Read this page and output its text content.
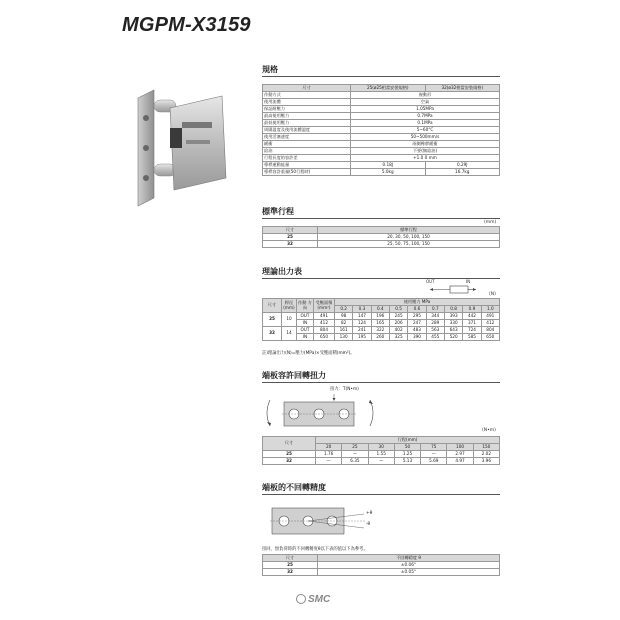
MGPM-X3159
規格
尺寸	25(ø25相當安裝規格)	32(ø32相當安裝規格)
作動方式	複動形	
使用流體	空氣	
保証耐壓力	1.05MPa	
最高使用壓力	0.7MPa	
最低使用壓力	0.1MPa	
周圍溫度及使用流體溫度	5~60°C	
使用活塞速度	50~500mm/s	
緩衝	兩側橡膠緩衝	
給油	不要(無給油)	
行程長度的容許差	+1.0 0 mm	
導桿運動能量	0.18J	0.29J
導桿容許重量(50行程時)	5.0kg	16.7kg
標準行程
(mm)
尺寸	標準行程
25	20, 30, 50, 100, 150
32	25, 50, 75, 100, 150
理論出力表
OUT	IN
(N)
尺寸	桿徑 (mm)	作動 方向	受壓面積 (mm²)	使用壓力 MPa								
				0.2	0.3	0.4	0.5	0.6	0.7	0.8	0.9	1.0
25	10	OUT	491	98	147	196	245	295	344	393	442	491
		IN	412	82	124	165	206	247	289	330	371	412
32	14	OUT	804	161	241	322	402	483	563	643	724	804
		IN	650	130	195	260	325	390	455	520	585	650
註)理論出力(N)=壓力(MPa)×受壓面積(mm²)。
端板容許回轉扭力
扭力：T(N•m)
(N•m)
尺寸	行程(mm)						
	20	25	30	50	75	100	150
25	1.76	—	1.55	1.25	—	2.97	2.02
32	—	6.35	—	5.13	5.69	4.97	3.96
端板的不回轉精度
+θ
-θ
扭回、無負荷時的不回轉精度θ以下表的值以下為參考。
尺寸	不回轉精度 θ
25	±0.06°
32	±0.05°
SMC
